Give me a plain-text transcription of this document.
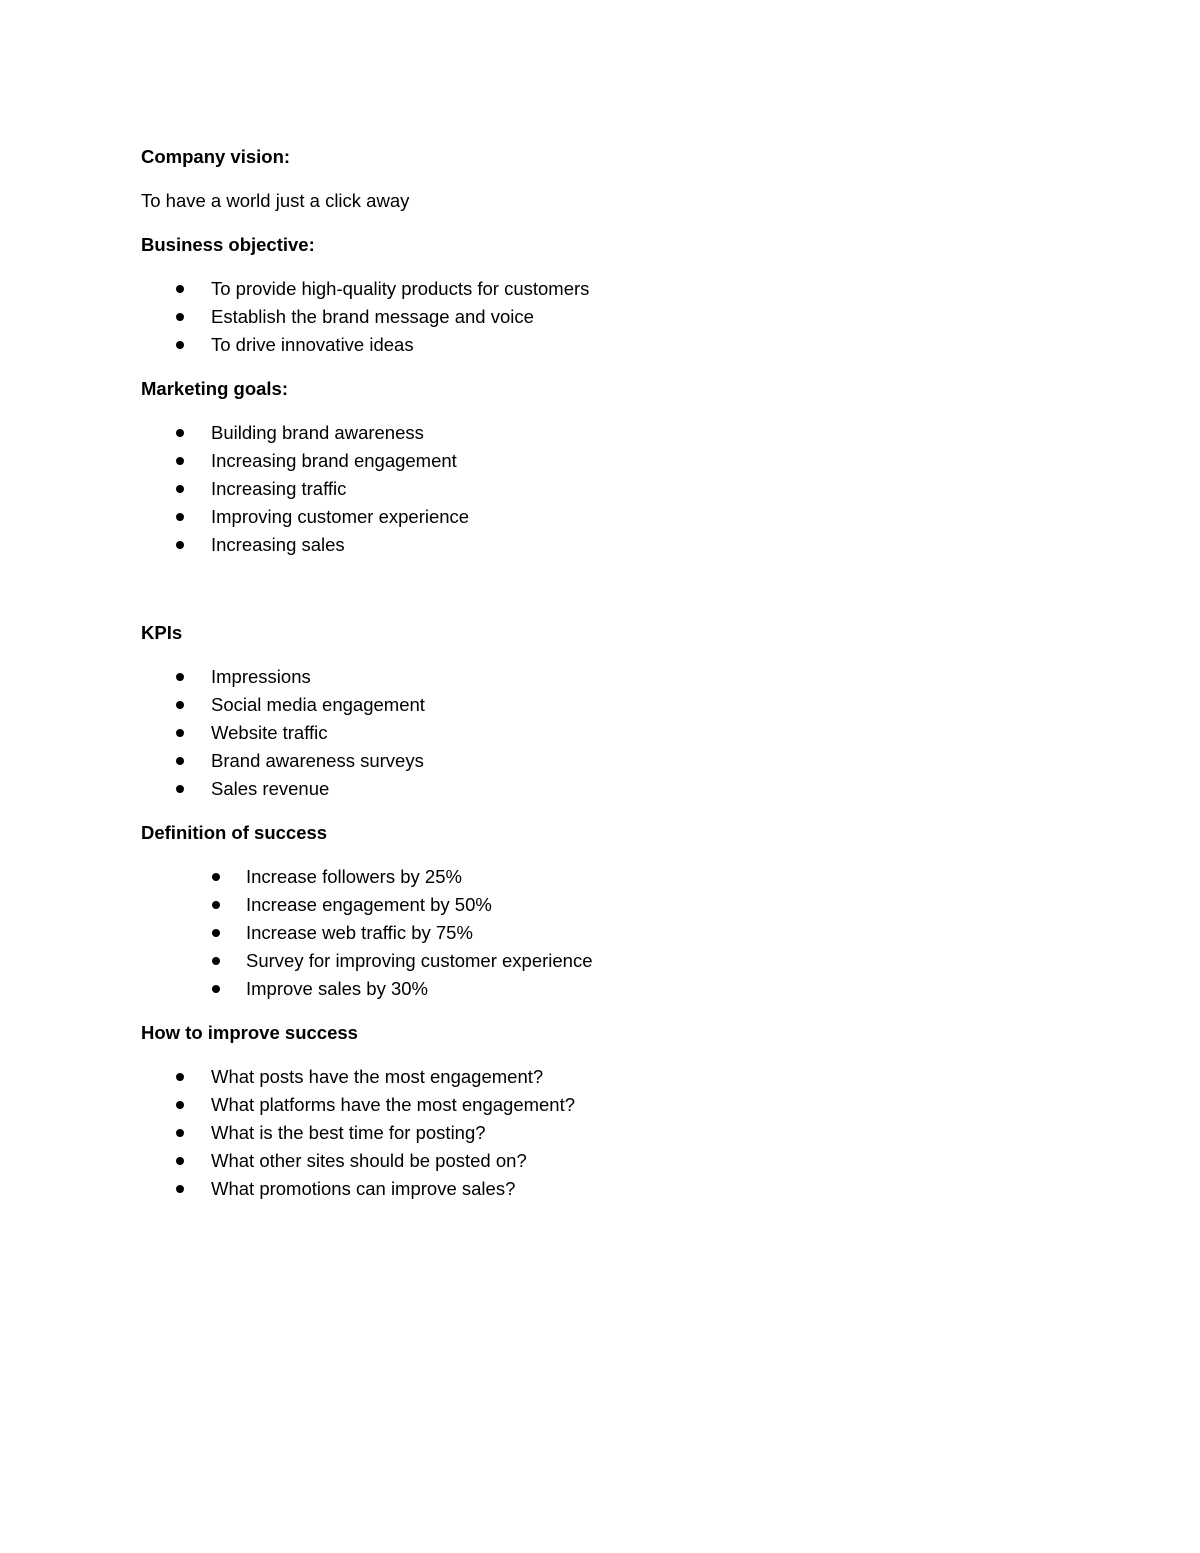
Company vision:
To have a world just a click away
Business objective:
To provide high-quality products for customers
Establish the brand message and voice
To drive innovative ideas
Marketing goals:
Building brand awareness
Increasing brand engagement
Increasing traffic
Improving customer experience
Increasing sales
KPIs
Impressions
Social media engagement
Website traffic
Brand awareness surveys
Sales revenue
Definition of success
Increase followers by 25%
Increase engagement by 50%
Increase web traffic by 75%
Survey for improving customer experience
Improve sales by 30%
How to improve success
What posts have the most engagement?
What platforms have the most engagement?
What is the best time for posting?
What other sites should be posted on?
What promotions can improve sales?
